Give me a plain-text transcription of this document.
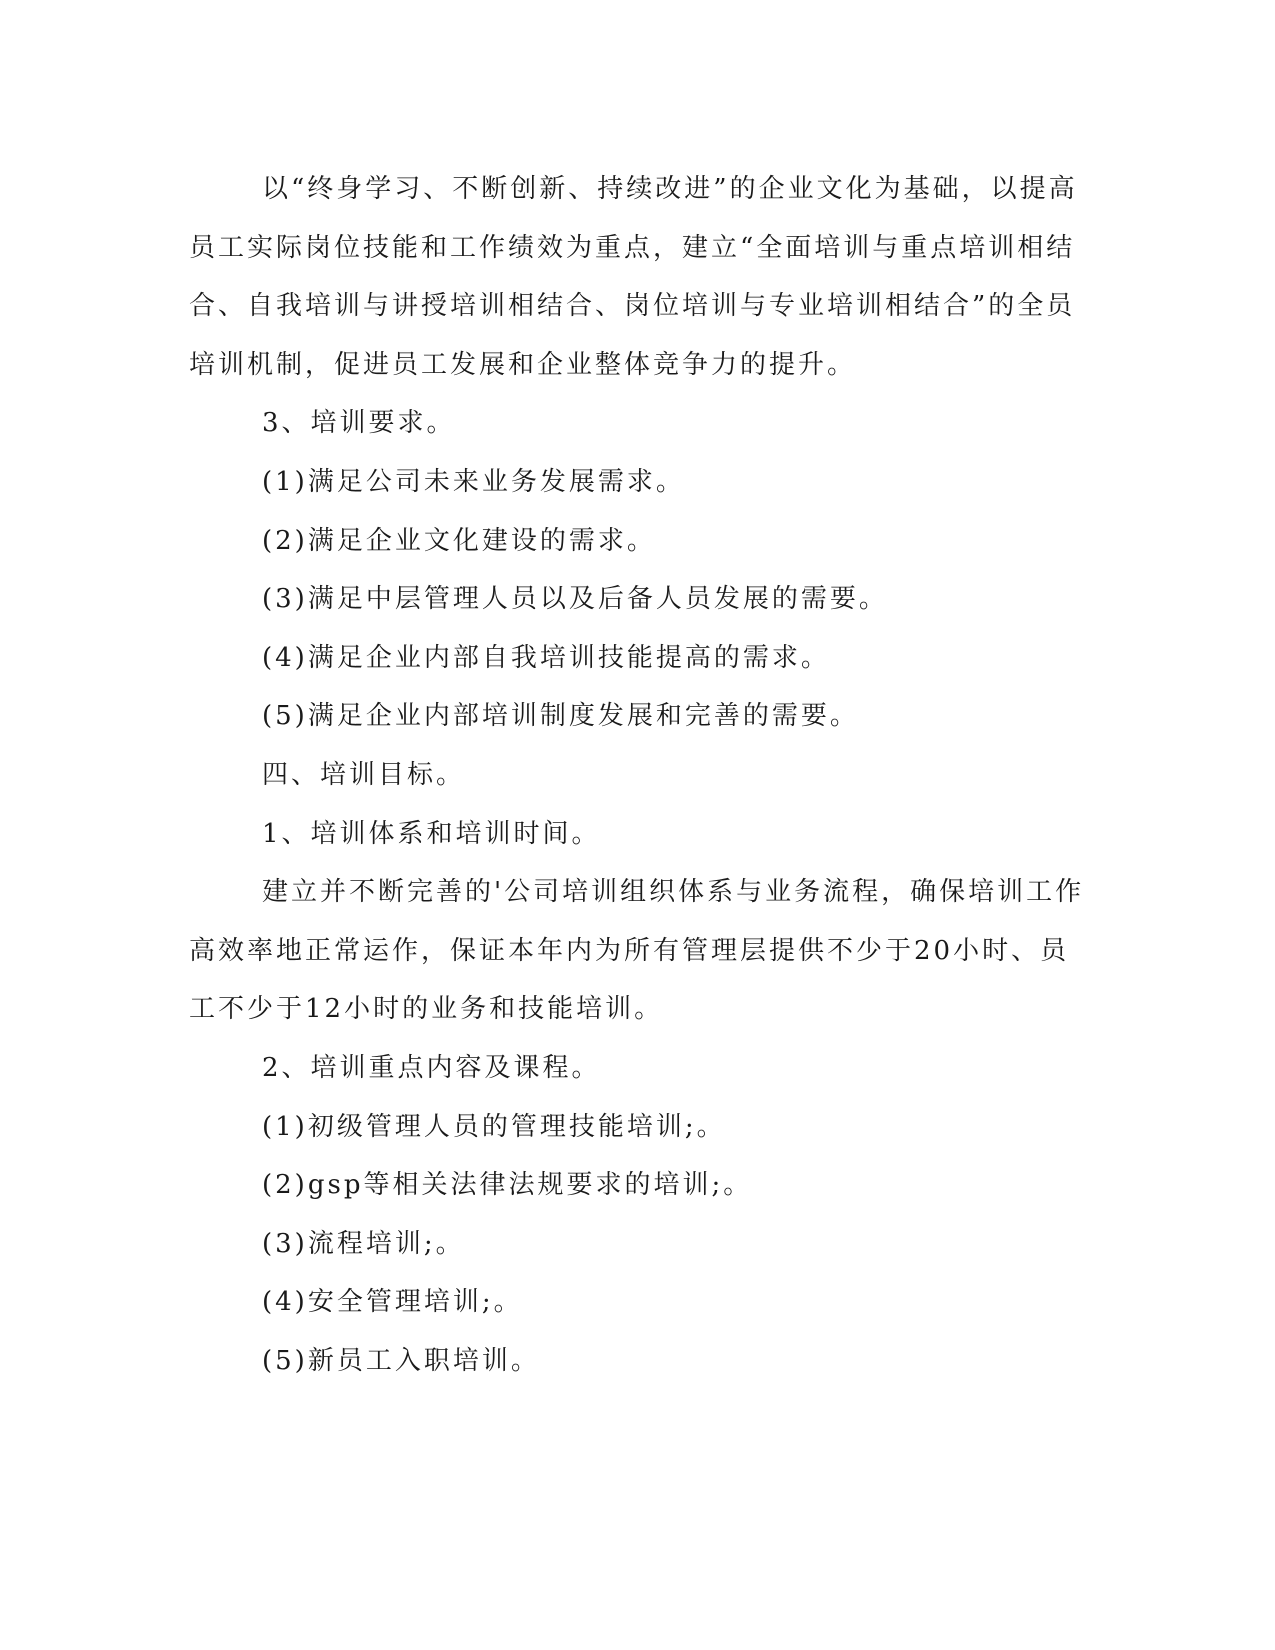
以“终身学习、不断创新、持续改进”的企业文化为基础，以提高
员工实际岗位技能和工作绩效为重点，建立“全面培训与重点培训相结
合、自我培训与讲授培训相结合、岗位培训与专业培训相结合”的全员
培训机制，促进员工发展和企业整体竞争力的提升。
3、培训要求。
(1)满足公司未来业务发展需求。
(2)满足企业文化建设的需求。
(3)满足中层管理人员以及后备人员发展的需要。
(4)满足企业内部自我培训技能提高的需求。
(5)满足企业内部培训制度发展和完善的需要。
四、培训目标。
1、培训体系和培训时间。
建立并不断完善的'公司培训组织体系与业务流程，确保培训工作
高效率地正常运作，保证本年内为所有管理层提供不少于20小时、员
工不少于12小时的业务和技能培训。
2、培训重点内容及课程。
(1)初级管理人员的管理技能培训;。
(2)gsp等相关法律法规要求的培训;。
(3)流程培训;。
(4)安全管理培训;。
(5)新员工入职培训。
